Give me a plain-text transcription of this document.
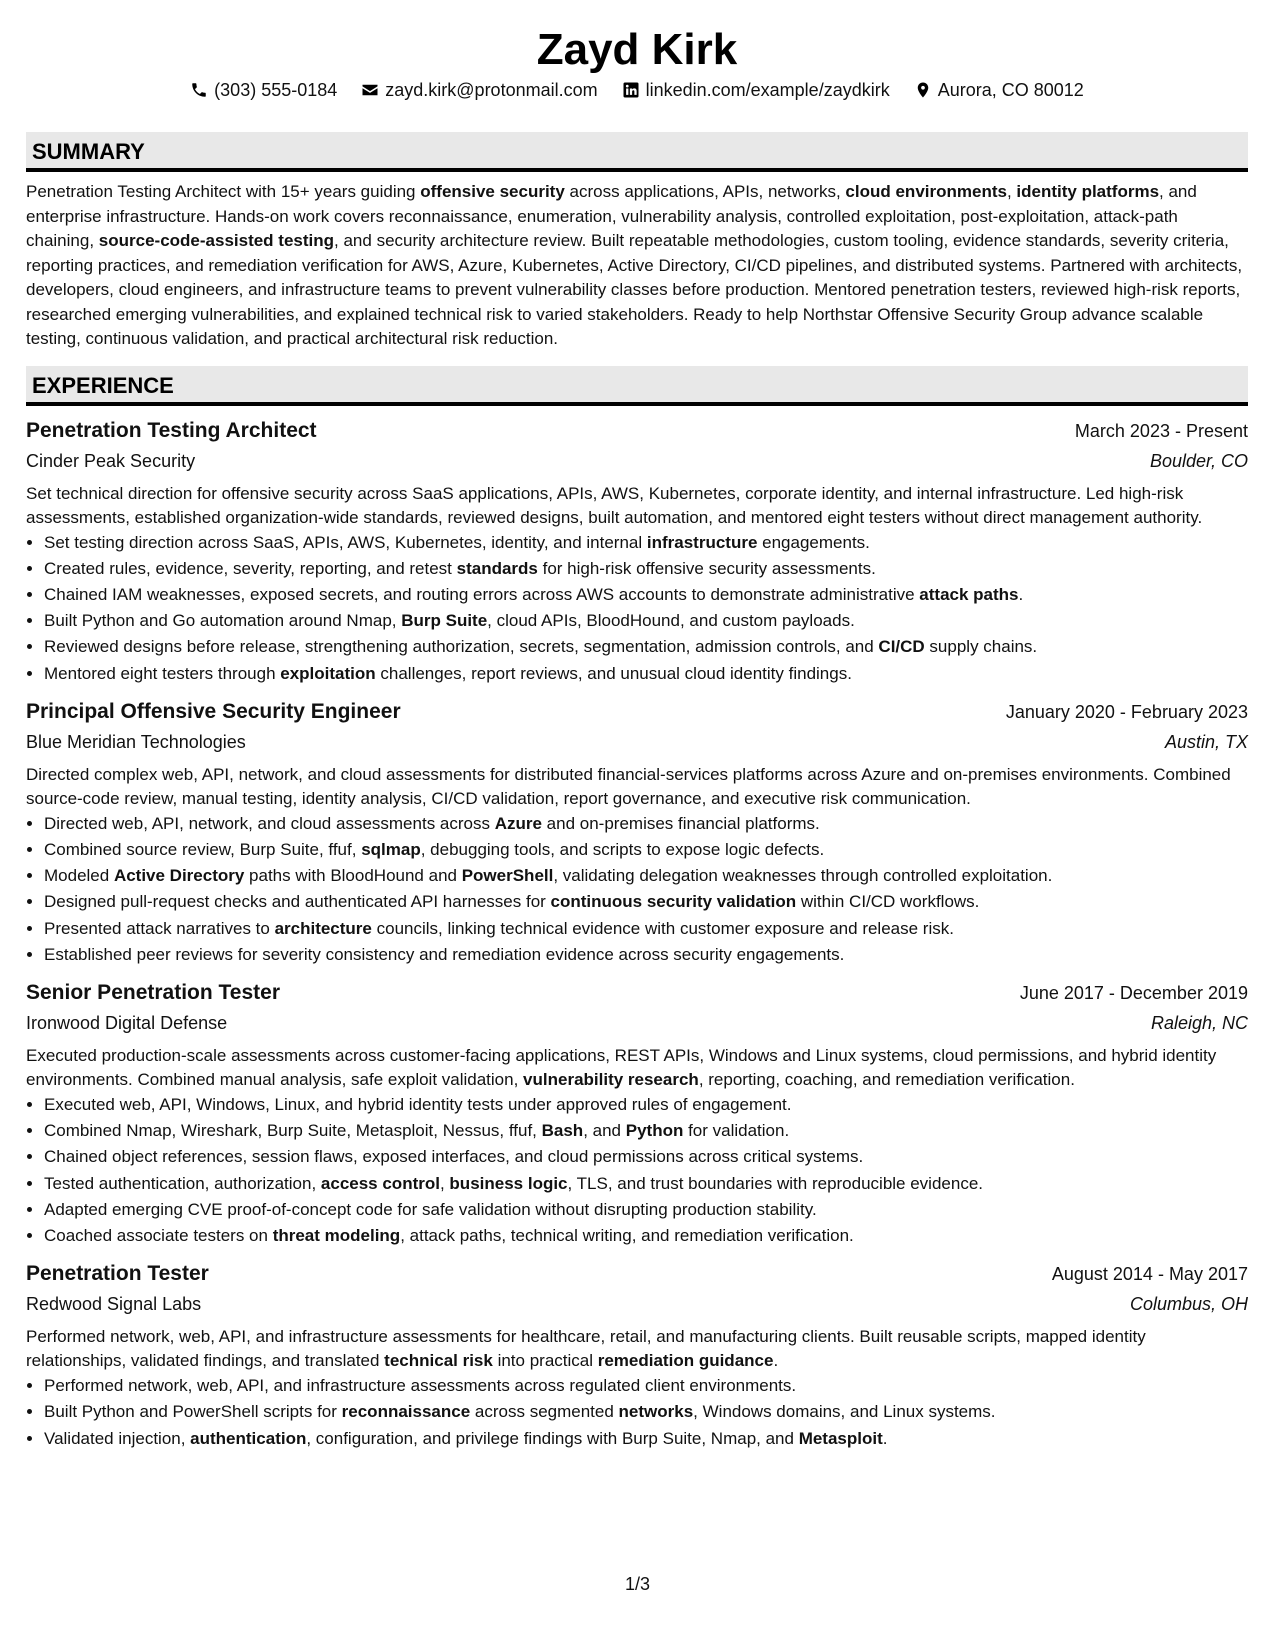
Zayd Kirk
(303) 555-0184	zayd.kirk@protonmail.com	linkedin.com/example/zaydkirk	Aurora, CO 80012
SUMMARY
Penetration Testing Architect with 15+ years guiding offensive security across applications, APIs, networks, cloud environments, identity platforms, and enterprise infrastructure. Hands-on work covers reconnaissance, enumeration, vulnerability analysis, controlled exploitation, post-exploitation, attack-path chaining, source-code-assisted testing, and security architecture review. Built repeatable methodologies, custom tooling, evidence standards, severity criteria, reporting practices, and remediation verification for AWS, Azure, Kubernetes, Active Directory, CI/CD pipelines, and distributed systems. Partnered with architects, developers, cloud engineers, and infrastructure teams to prevent vulnerability classes before production. Mentored penetration testers, reviewed high-risk reports, researched emerging vulnerabilities, and explained technical risk to varied stakeholders. Ready to help Northstar Offensive Security Group advance scalable testing, continuous validation, and practical architectural risk reduction.
EXPERIENCE
Penetration Testing Architect	March 2023 - Present
Cinder Peak Security	Boulder, CO
Set technical direction for offensive security across SaaS applications, APIs, AWS, Kubernetes, corporate identity, and internal infrastructure. Led high-risk assessments, established organization-wide standards, reviewed designs, built automation, and mentored eight testers without direct management authority.
• Set testing direction across SaaS, APIs, AWS, Kubernetes, identity, and internal infrastructure engagements.
• Created rules, evidence, severity, reporting, and retest standards for high-risk offensive security assessments.
• Chained IAM weaknesses, exposed secrets, and routing errors across AWS accounts to demonstrate administrative attack paths.
• Built Python and Go automation around Nmap, Burp Suite, cloud APIs, BloodHound, and custom payloads.
• Reviewed designs before release, strengthening authorization, secrets, segmentation, admission controls, and CI/CD supply chains.
• Mentored eight testers through exploitation challenges, report reviews, and unusual cloud identity findings.
Principal Offensive Security Engineer	January 2020 - February 2023
Blue Meridian Technologies	Austin, TX
Directed complex web, API, network, and cloud assessments for distributed financial-services platforms across Azure and on-premises environments. Combined source-code review, manual testing, identity analysis, CI/CD validation, report governance, and executive risk communication.
• Directed web, API, network, and cloud assessments across Azure and on-premises financial platforms.
• Combined source review, Burp Suite, ffuf, sqlmap, debugging tools, and scripts to expose logic defects.
• Modeled Active Directory paths with BloodHound and PowerShell, validating delegation weaknesses through controlled exploitation.
• Designed pull-request checks and authenticated API harnesses for continuous security validation within CI/CD workflows.
• Presented attack narratives to architecture councils, linking technical evidence with customer exposure and release risk.
• Established peer reviews for severity consistency and remediation evidence across security engagements.
Senior Penetration Tester	June 2017 - December 2019
Ironwood Digital Defense	Raleigh, NC
Executed production-scale assessments across customer-facing applications, REST APIs, Windows and Linux systems, cloud permissions, and hybrid identity environments. Combined manual analysis, safe exploit validation, vulnerability research, reporting, coaching, and remediation verification.
• Executed web, API, Windows, Linux, and hybrid identity tests under approved rules of engagement.
• Combined Nmap, Wireshark, Burp Suite, Metasploit, Nessus, ffuf, Bash, and Python for validation.
• Chained object references, session flaws, exposed interfaces, and cloud permissions across critical systems.
• Tested authentication, authorization, access control, business logic, TLS, and trust boundaries with reproducible evidence.
• Adapted emerging CVE proof-of-concept code for safe validation without disrupting production stability.
• Coached associate testers on threat modeling, attack paths, technical writing, and remediation verification.
Penetration Tester	August 2014 - May 2017
Redwood Signal Labs	Columbus, OH
Performed network, web, API, and infrastructure assessments for healthcare, retail, and manufacturing clients. Built reusable scripts, mapped identity relationships, validated findings, and translated technical risk into practical remediation guidance.
• Performed network, web, API, and infrastructure assessments across regulated client environments.
• Built Python and PowerShell scripts for reconnaissance across segmented networks, Windows domains, and Linux systems.
• Validated injection, authentication, configuration, and privilege findings with Burp Suite, Nmap, and Metasploit.
1/3
